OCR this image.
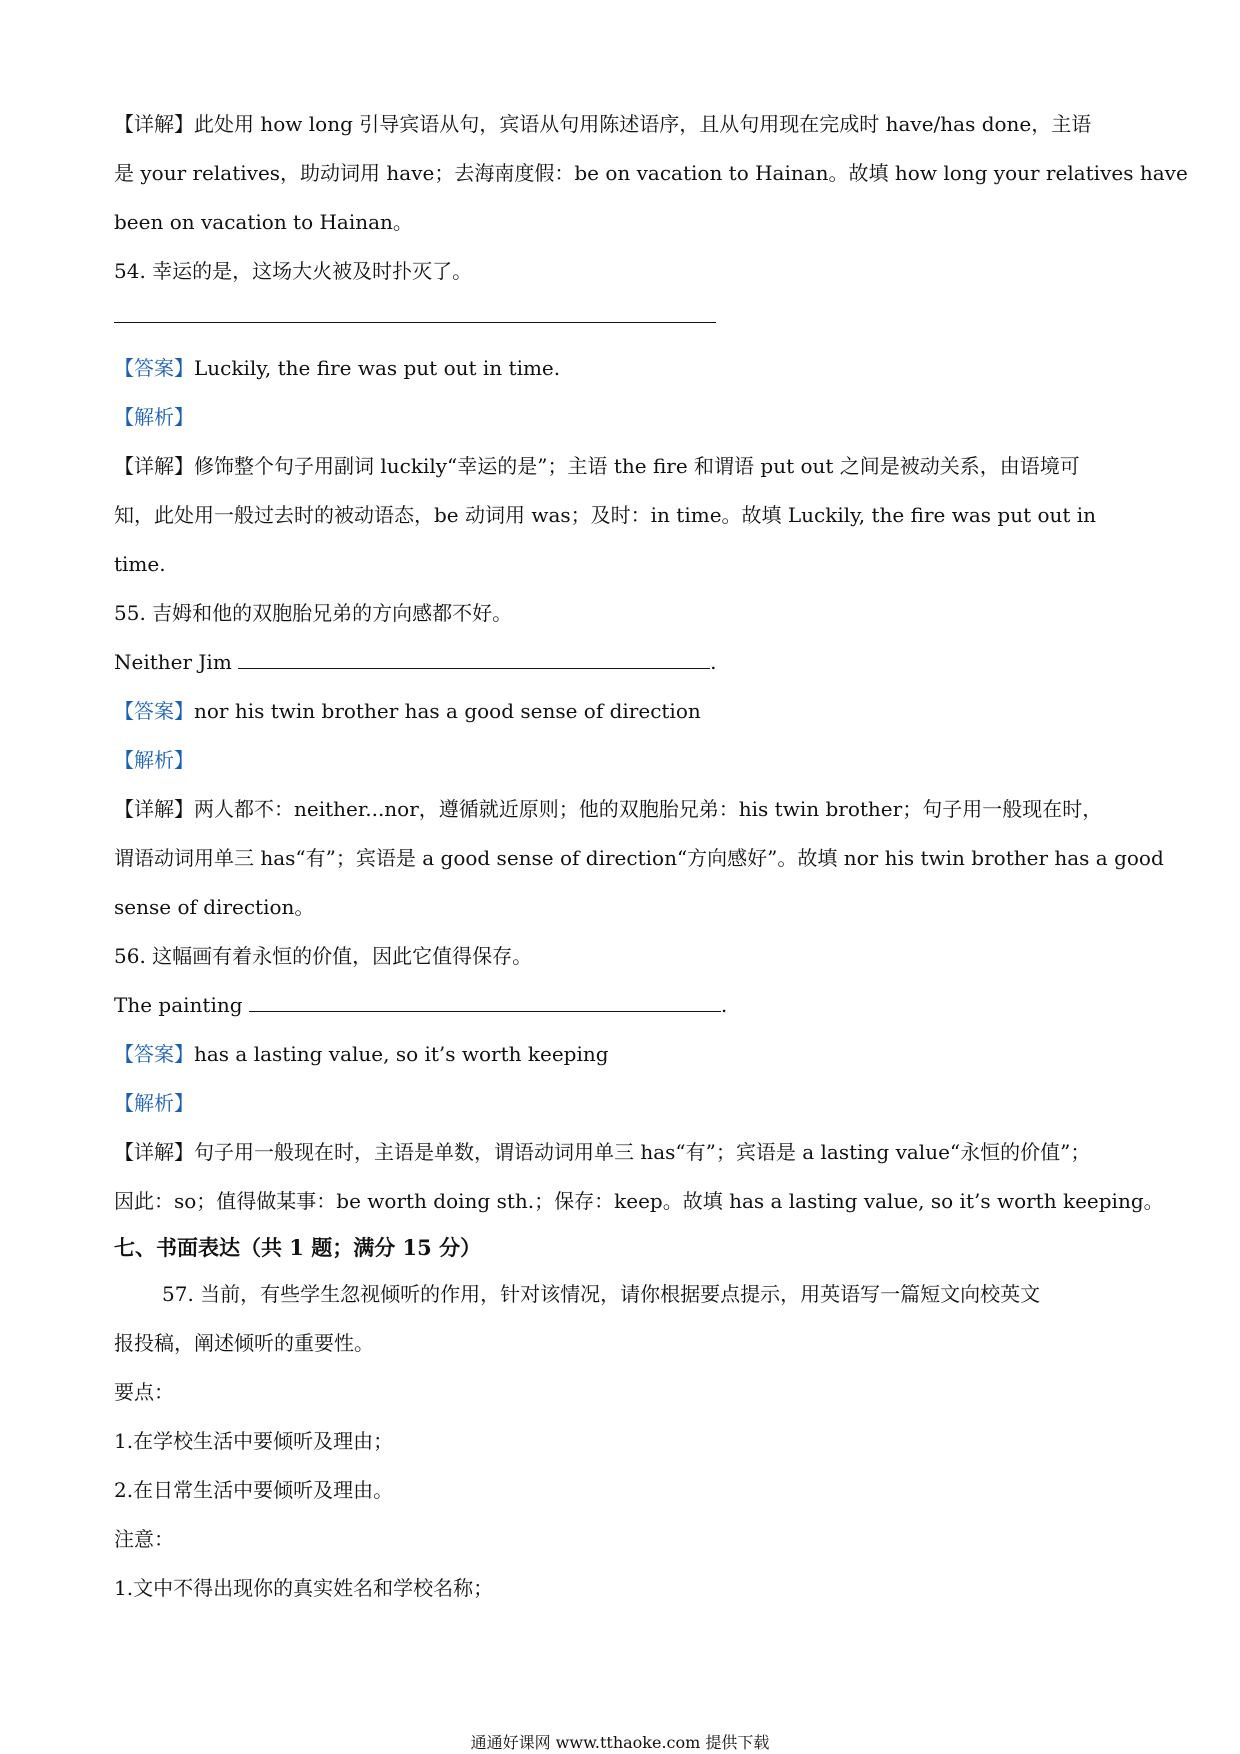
【详解】此处用 how long 引导宾语从句，宾语从句用陈述语序，且从句用现在完成时 have/has done，主语

是 your relatives，助动词用 have；去海南度假：be on vacation to Hainan。故填 how long your relatives have

been on vacation to Hainan。

54. 幸运的是，这场大火被及时扑灭了。

【答案】Luckily, the fire was put out in time.

【解析】

【详解】修饰整个句子用副词 luckily“幸运的是”；主语 the fire 和谓语 put out 之间是被动关系，由语境可

知，此处用一般过去时的被动语态，be 动词用 was；及时：in time。故填 Luckily, the fire was put out in

time.

55. 吉姆和他的双胞胎兄弟的方向感都不好。

Neither Jim	.

【答案】nor his twin brother has a good sense of direction

【解析】

【详解】两人都不：neither...nor，遵循就近原则；他的双胞胎兄弟：his twin brother；句子用一般现在时，

谓语动词用单三 has“有”；宾语是 a good sense of direction“方向感好”。故填 nor his twin brother has a good

sense of direction。

56. 这幅画有着永恒的价值，因此它值得保存。

The painting	.

【答案】has a lasting value, so it’s worth keeping

【解析】

【详解】句子用一般现在时，主语是单数，谓语动词用单三 has“有”；宾语是 a lasting value“永恒的价值”；

因此：so；值得做某事：be worth doing sth.；保存：keep。故填 has a lasting value, so it’s worth keeping。

七、书面表达（共 1 题；满分 15 分）

57. 当前，有些学生忽视倾听的作用，针对该情况，请你根据要点提示，用英语写一篇短文向校英文

报投稿，阐述倾听的重要性。

要点：

1.在学校生活中要倾听及理由；

2.在日常生活中要倾听及理由。

注意：

1.文中不得出现你的真实姓名和学校名称；

通通好课网 www.tthaoke.com 提供下载
